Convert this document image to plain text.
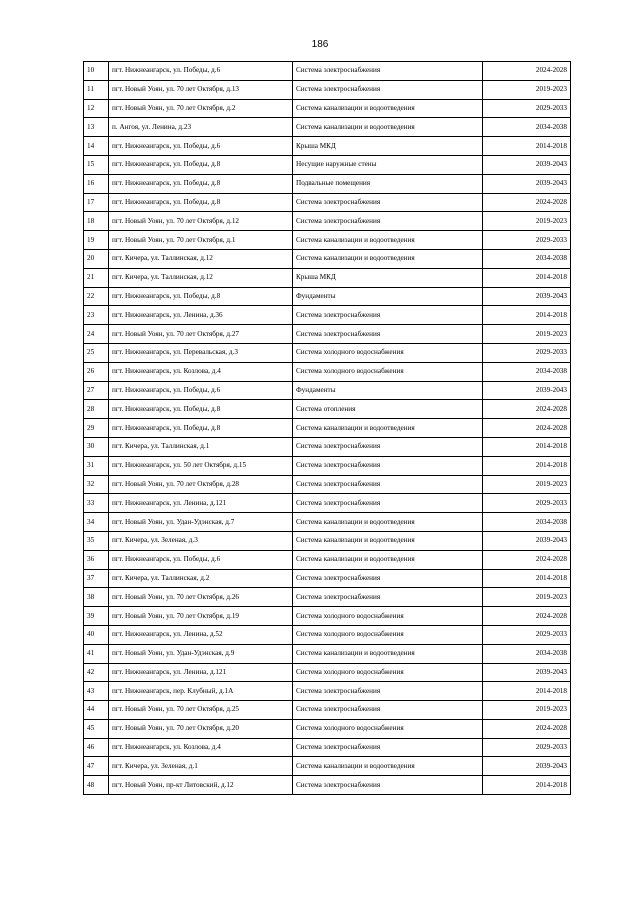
186
10	пгт. Нижнеангарск, ул. Победы, д.6	Система электроснабжения	2024-2028
11	пгт. Новый Уоян, ул. 70 лет Октября, д.13	Система электроснабжения	2019-2023
12	пгт. Новый Уоян, ул. 70 лет Октября, д.2	Система канализации и водоотведения	2029-2033
13	п. Ангоя, ул. Ленина, д.23	Система канализации и водоотведения	2034-2038
14	пгт. Нижнеангарск, ул. Победы, д.6	Крыша МКД	2014-2018
15	пгт. Нижнеангарск, ул. Победы, д.8	Несущие наружные стены	2039-2043
16	пгт. Нижнеангарск, ул. Победы, д.8	Подвальные помещения	2039-2043
17	пгт. Нижнеангарск, ул. Победы, д.8	Система электроснабжения	2024-2028
18	пгт. Новый Уоян, ул. 70 лет Октября, д.12	Система электроснабжения	2019-2023
19	пгт. Новый Уоян, ул. 70 лет Октября, д.1	Система канализации и водоотведения	2029-2033
20	пгт. Кичера, ул. Таллинская, д.12	Система канализации и водоотведения	2034-2038
21	пгт. Кичера, ул. Таллинская, д.12	Крыша МКД	2014-2018
22	пгт. Нижнеангарск, ул. Победы, д.8	Фундаменты	2039-2043
23	пгт. Нижнеангарск, ул. Ленина, д.36	Система электроснабжения	2014-2018
24	пгт. Новый Уоян, ул. 70 лет Октября, д.27	Система электроснабжения	2019-2023
25	пгт. Нижнеангарск, ул. Перевальская, д.3	Система холодного водоснабжения	2029-2033
26	пгт. Нижнеангарск, ул. Козлова, д.4	Система холодного водоснабжения	2034-2038
27	пгт. Нижнеангарск, ул. Победы, д.6	Фундаменты	2039-2043
28	пгт. Нижнеангарск, ул. Победы, д.8	Система отопления	2024-2028
29	пгт. Нижнеангарск, ул. Победы, д.8	Система канализации и водоотведения	2024-2028
30	пгт. Кичера, ул. Таллинская, д.1	Система электроснабжения	2014-2018
31	пгт. Нижнеангарск, ул. 50 лет Октября, д.15	Система электроснабжения	2014-2018
32	пгт. Новый Уоян, ул. 70 лет Октября, д.28	Система электроснабжения	2019-2023
33	пгт. Нижнеангарск, ул. Ленина, д.121	Система электроснабжения	2029-2033
34	пгт. Новый Уоян, ул. Удан-Удэнская, д.7	Система канализации и водоотведения	2034-2038
35	пгт. Кичера, ул. Зеленая, д.3	Система канализации и водоотведения	2039-2043
36	пгт. Нижнеангарск, ул. Победы, д.6	Система канализации и водоотведения	2024-2028
37	пгт. Кичера, ул. Таллинская, д.2	Система электроснабжения	2014-2018
38	пгт. Новый Уоян, ул. 70 лет Октября, д.26	Система электроснабжения	2019-2023
39	пгт. Новый Уоян, ул. 70 лет Октября, д.19	Система холодного водоснабжения	2024-2028
40	пгт. Нижнеангарск, ул. Ленина, д.52	Система холодного водоснабжения	2029-2033
41	пгт. Новый Уоян, ул. Удан-Удэнская, д.9	Система канализации и водоотведения	2034-2038
42	пгт. Нижнеангарск, ул. Ленина, д.121	Система холодного водоснабжения	2039-2043
43	пгт. Нижнеангарск, пер. Клубный, д.1А	Система электроснабжения	2014-2018
44	пгт. Новый Уоян, ул. 70 лет Октября, д.25	Система электроснабжения	2019-2023
45	пгт. Новый Уоян, ул. 70 лет Октября, д.20	Система холодного водоснабжения	2024-2028
46	пгт. Нижнеангарск, ул. Козлова, д.4	Система электроснабжения	2029-2033
47	пгт. Кичера, ул. Зеленая, д.1	Система канализации и водоотведения	2039-2043
48	пгт. Новый Уоян, пр-кт Литовский, д.12	Система электроснабжения	2014-2018
